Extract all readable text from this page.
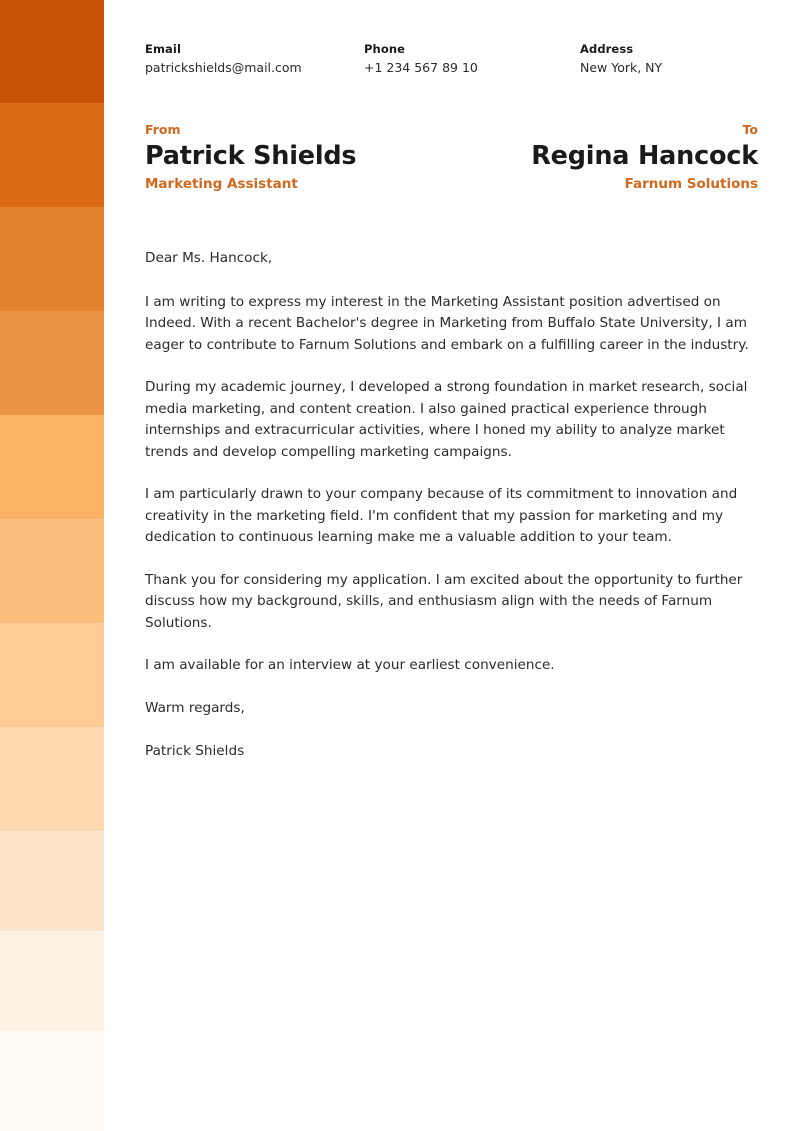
Email
patrickshields@mail.com
Phone
+1 234 567 89 10
Address
New York, NY
From
Patrick Shields
Marketing Assistant
To
Regina Hancock
Farnum Solutions

Dear Ms. Hancock,

I am writing to express my interest in the Marketing Assistant position advertised on Indeed. With a recent Bachelor's degree in Marketing from Buffalo State University, I am eager to contribute to Farnum Solutions and embark on a fulfilling career in the industry.

During my academic journey, I developed a strong foundation in market research, social media marketing, and content creation. I also gained practical experience through internships and extracurricular activities, where I honed my ability to analyze market trends and develop compelling marketing campaigns.

I am particularly drawn to your company because of its commitment to innovation and creativity in the marketing field. I'm confident that my passion for marketing and my dedication to continuous learning make me a valuable addition to your team.

Thank you for considering my application. I am excited about the opportunity to further discuss how my background, skills, and enthusiasm align with the needs of Farnum Solutions.

I am available for an interview at your earliest convenience.

Warm regards,

Patrick Shields
